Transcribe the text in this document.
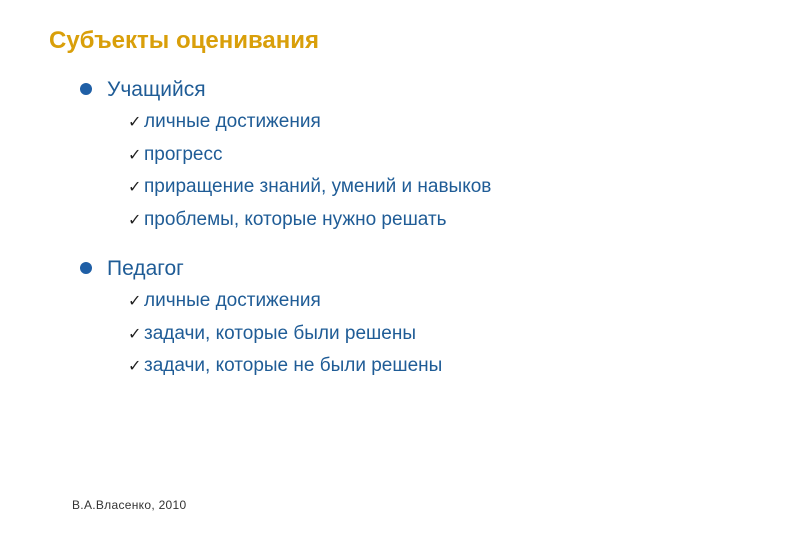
Субъекты оценивания
Учащийся
✓ личные достижения
✓ прогресс
✓ приращение знаний, умений и навыков
✓ проблемы, которые нужно решать
Педагог
✓ личные достижения
✓ задачи, которые были решены
✓ задачи, которые не были решены
В.А.Власенко, 2010
